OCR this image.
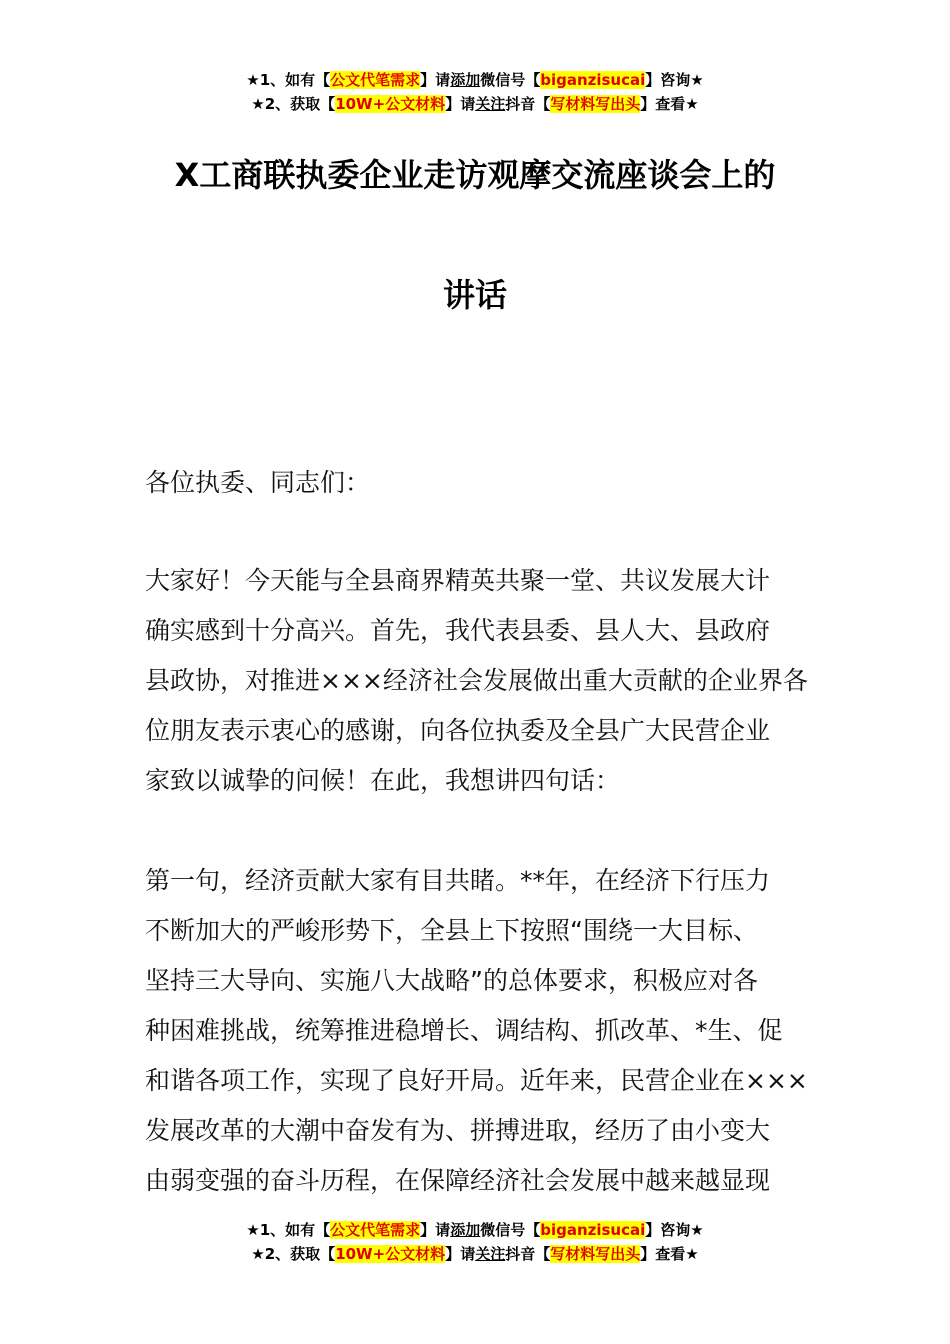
★1、如有【公文代笔需求】请添加微信号【biganzisucai】咨询★
★2、获取【10W+公文材料】请关注抖音【写材料写出头】查看★
X工商联执委企业走访观摩交流座谈会上的
讲话
各位执委、同志们：
大家好！今天能与全县商界精英共聚一堂、共议发展大计
确实感到十分高兴。首先，我代表县委、县人大、县政府
县政协，对推进×××经济社会发展做出重大贡献的企业界各
位朋友表示衷心的感谢，向各位执委及全县广大民营企业
家致以诚挚的问候！在此，我想讲四句话：
第一句，经济贡献大家有目共睹。**年，在经济下行压力
不断加大的严峻形势下，全县上下按照“围绕一大目标、
坚持三大导向、实施八大战略”的总体要求，积极应对各
种困难挑战，统筹推进稳增长、调结构、抓改革、*生、促
和谐各项工作，实现了良好开局。近年来，民营企业在×××
发展改革的大潮中奋发有为、拼搏进取，经历了由小变大
由弱变强的奋斗历程，在保障经济社会发展中越来越显现
★1、如有【公文代笔需求】请添加微信号【biganzisucai】咨询★
★2、获取【10W+公文材料】请关注抖音【写材料写出头】查看★
